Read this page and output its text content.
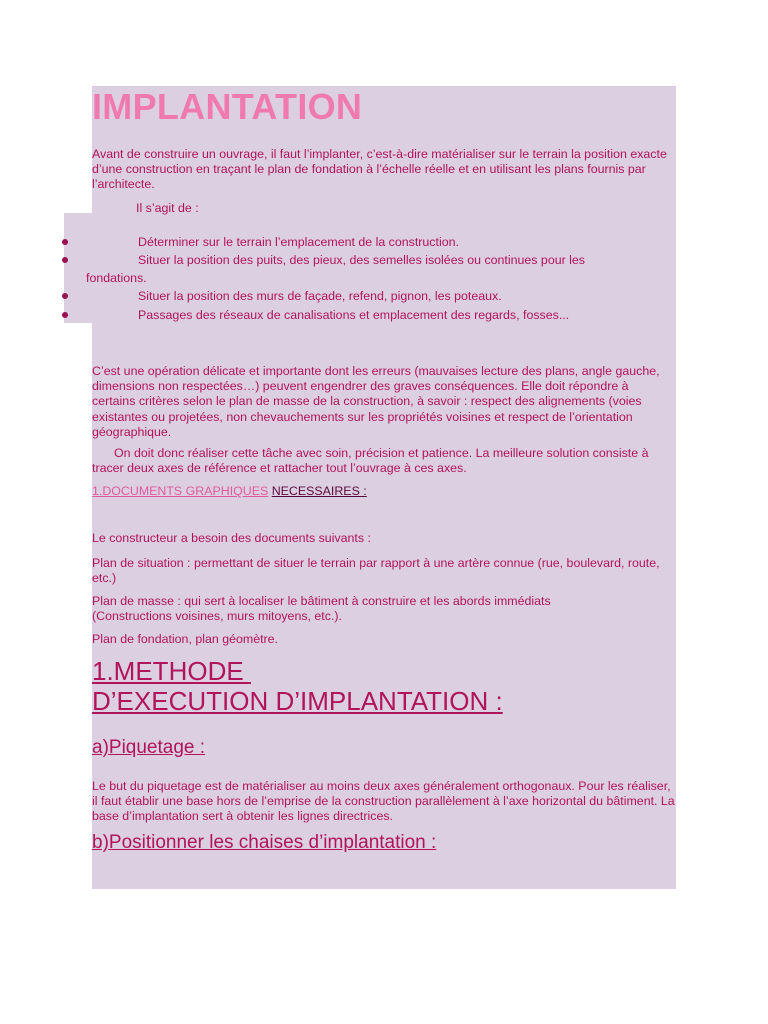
IMPLANTATION

Avant de construire un ouvrage, il faut l’implanter, c’est-à-dire matérialiser sur le terrain la position exacte d’une construction en traçant le plan de fondation à l’échelle réelle et en utilisant les plans fournis par l’architecte.

Il s’agit de :

Déterminer sur le terrain l’emplacement de la construction.

Situer la position des puits, des pieux, des semelles isolées ou continues pour les

fondations.

Situer la position des murs de façade, refend, pignon, les poteaux.

Passages des réseaux de canalisations et emplacement des regards, fosses...

C’est une opération délicate et importante dont les erreurs (mauvaises lecture des plans, angle gauche, dimensions non respectées…) peuvent engendrer des graves conséquences. Elle doit répondre à certains critères selon le plan de masse de la construction, à savoir : respect des alignements (voies existantes ou projetées, non chevauchements sur les propriétés voisines et respect de l’orientation géographique.

On doit donc réaliser cette tâche avec soin, précision et patience. La meilleure solution consiste à tracer deux axes de référence et rattacher tout l’ouvrage à ces axes.

1.DOCUMENTS GRAPHIQUES NECESSAIRES :

Le constructeur a besoin des documents suivants :

Plan de situation : permettant de situer le terrain par rapport à une artère connue (rue, boulevard, route, etc.)

Plan de masse : qui sert à localiser le bâtiment à construire et les abords immédiats (Constructions voisines, murs mitoyens, etc.).

Plan de fondation, plan géomètre.

1.METHODE
D’EXECUTION D’IMPLANTATION :
a)Piquetage :

Le but du piquetage est de matérialiser au moins deux axes généralement orthogonaux. Pour les réaliser, il faut établir une base hors de l’emprise de la construction parallèlement à l’axe horizontal du bâtiment. La base d’implantation sert à obtenir les lignes directrices.

b)Positionner les chaises d’implantation :
